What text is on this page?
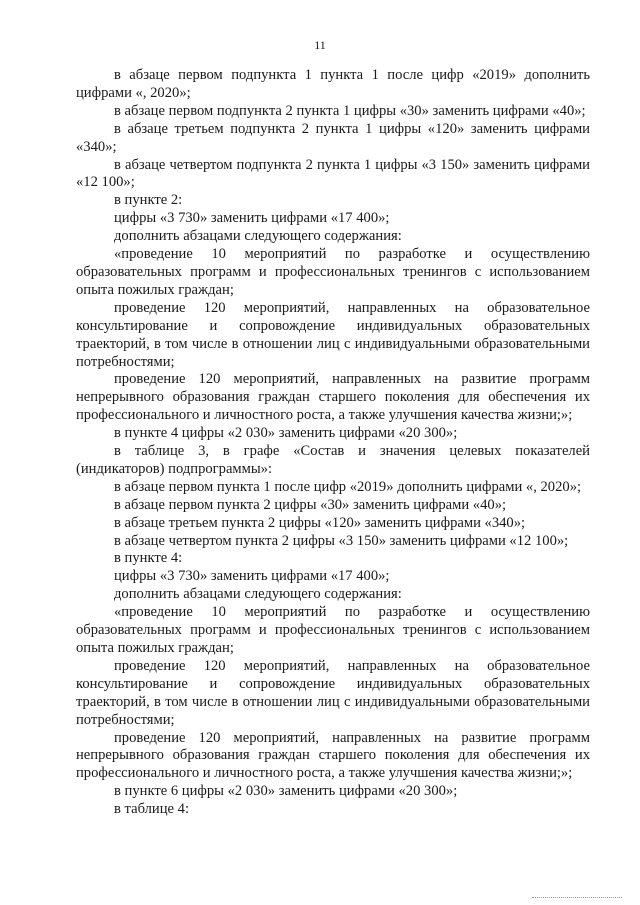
11

в абзаце первом подпункта 1 пункта 1 после цифр «2019» дополнить цифрами «, 2020»;

в абзаце первом подпункта 2 пункта 1 цифры «30» заменить цифрами «40»;

в абзаце третьем подпункта 2 пункта 1 цифры «120» заменить цифрами «340»;

в абзаце четвертом подпункта 2 пункта 1 цифры «3 150» заменить цифрами «12 100»;

в пункте 2:

цифры «3 730» заменить цифрами «17 400»;

дополнить абзацами следующего содержания:

«проведение 10 мероприятий по разработке и осуществлению образовательных программ и профессиональных тренингов с использованием опыта пожилых граждан;

проведение 120 мероприятий, направленных на образовательное консультирование и сопровождение индивидуальных образовательных траекторий, в том числе в отношении лиц с индивидуальными образовательными потребностями;

проведение 120 мероприятий, направленных на развитие программ непрерывного образования граждан старшего поколения для обеспечения их профессионального и личностного роста, а также улучшения качества жизни;»;

в пункте 4 цифры «2 030» заменить цифрами «20 300»;

в таблице 3, в графе «Состав и значения целевых показателей (индикаторов) подпрограммы»:

в абзаце первом пункта 1 после цифр «2019» дополнить цифрами «, 2020»;

в абзаце первом пункта 2 цифры «30» заменить цифрами «40»;

в абзаце третьем пункта 2 цифры «120» заменить цифрами «340»;

в абзаце четвертом пункта 2 цифры «3 150» заменить цифрами «12 100»;

в пункте 4:

цифры «3 730» заменить цифрами «17 400»;

дополнить абзацами следующего содержания:

«проведение 10 мероприятий по разработке и осуществлению образовательных программ и профессиональных тренингов с использованием опыта пожилых граждан;

проведение 120 мероприятий, направленных на образовательное консультирование и сопровождение индивидуальных образовательных траекторий, в том числе в отношении лиц с индивидуальными образовательными потребностями;

проведение 120 мероприятий, направленных на развитие программ непрерывного образования граждан старшего поколения для обеспечения их профессионального и личностного роста, а также улучшения качества жизни;»;

в пункте 6 цифры «2 030» заменить цифрами «20 300»;

в таблице 4:
